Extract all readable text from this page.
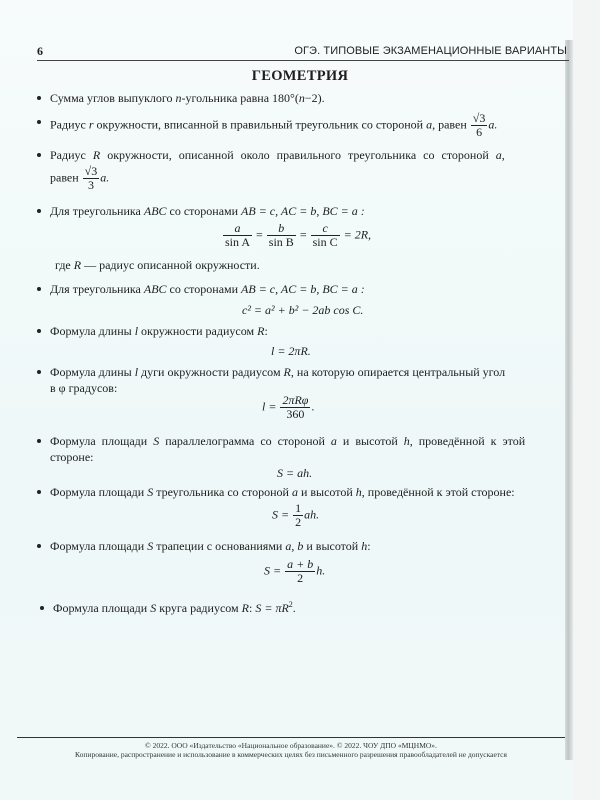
6	ОГЭ. ТИПОВЫЕ ЭКЗАМЕНАЦИОННЫЕ ВАРИАНТЫ
ГЕОМЕТРИЯ
Сумма углов выпуклого n-угольника равна 180°(n−2).
Радиус r окружности, вписанной в правильный треугольник со стороной a, равен $\frac{√3}{6} a$.
Радиус R окружности, описанной около правильного треугольника со стороной a,
равен $\frac{√3}{3} a$.
Для треугольника ABC со сторонами AB = c, AC = b, BC = a :
$\frac{a}{\text{sin A}} = \frac{b}{\text{sin B}} = \frac{c}{\text{sin C}} = 2R$,
где R — радиус описанной окружности.
Для треугольника ABC со сторонами AB = c, AC = b, BC = a :
c² = a² + b² − 2ab cos C.
Формула длины l окружности радиусом R:
l = 2πR.
Формула длины l дуги окружности радиусом R, на которую опирается центральный угол
в φ градусов:
$l = \frac{\text{2πRφ}}{360}$ .
Формула площади S параллелограмма со стороной a и высотой h, проведённой к этой
стороне:
S = ah.
Формула площади S треугольника со стороной a и высотой h, проведённой к этой стороне:
$S = \frac{1}{2}$ ah.
Формула площади S трапеции с основаниями a, b и высотой h:
$S = \frac{a + b}{2} h$.
Формула площади S круга радиусом R: $S = \pi R^2$.
© 2022. ООО «Издательство «Национальное образование». © 2022. ЧОУ ДПО «МЦНМО».
Копирование, распространение и использование в коммерческих целях без письменного разрешения правообладателей не допускается
